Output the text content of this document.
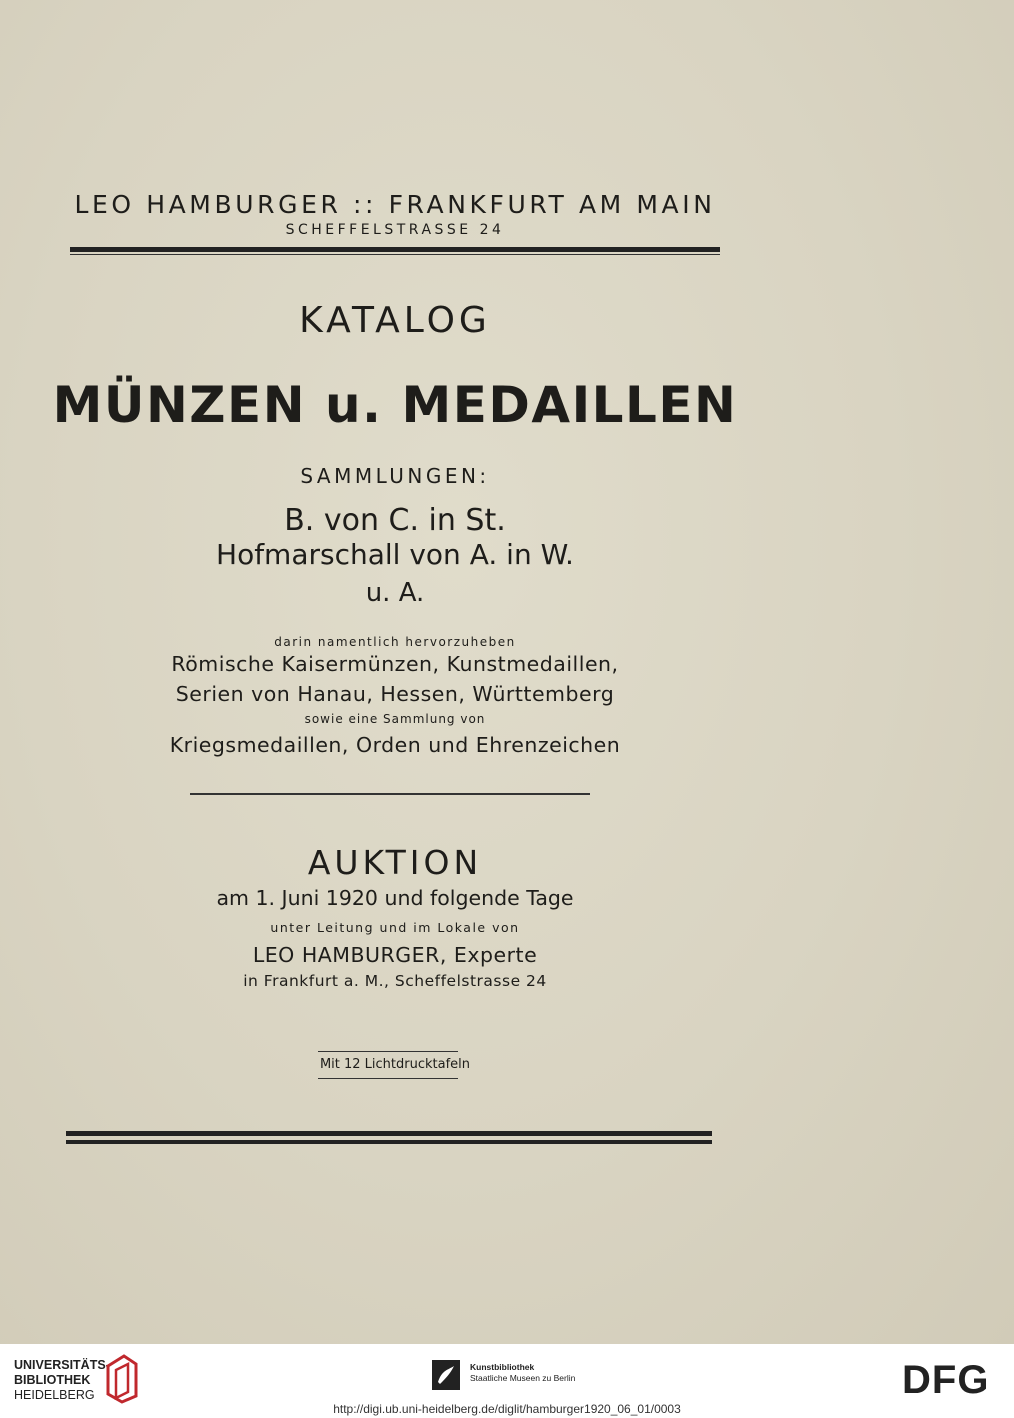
LEO HAMBURGER :: FRANKFURT AM MAIN
SCHEFFELSTRASSE 24
KATALOG
MÜNZEN u. MEDAILLEN
SAMMLUNGEN:
B. von C. in St.
Hofmarschall von A. in W.
u. A.
darin namentlich hervorzuheben
Römische Kaisermünzen, Kunstmedaillen,
Serien von Hanau, Hessen, Württemberg
sowie eine Sammlung von
Kriegsmedaillen, Orden und Ehrenzeichen
AUKTION
am 1. Juni 1920 und folgende Tage
unter Leitung und im Lokale von
LEO HAMBURGER, Experte
in Frankfurt a. M., Scheffelstrasse 24
Mit 12 Lichtdrucktafeln
UNIVERSITÄTS-
BIBLIOTHEK
HEIDELBERG
Kunstbibliothek
Staatliche Museen zu Berlin	DFG
http://digi.ub.uni-heidelberg.de/diglit/hamburger1920_06_01/0003
